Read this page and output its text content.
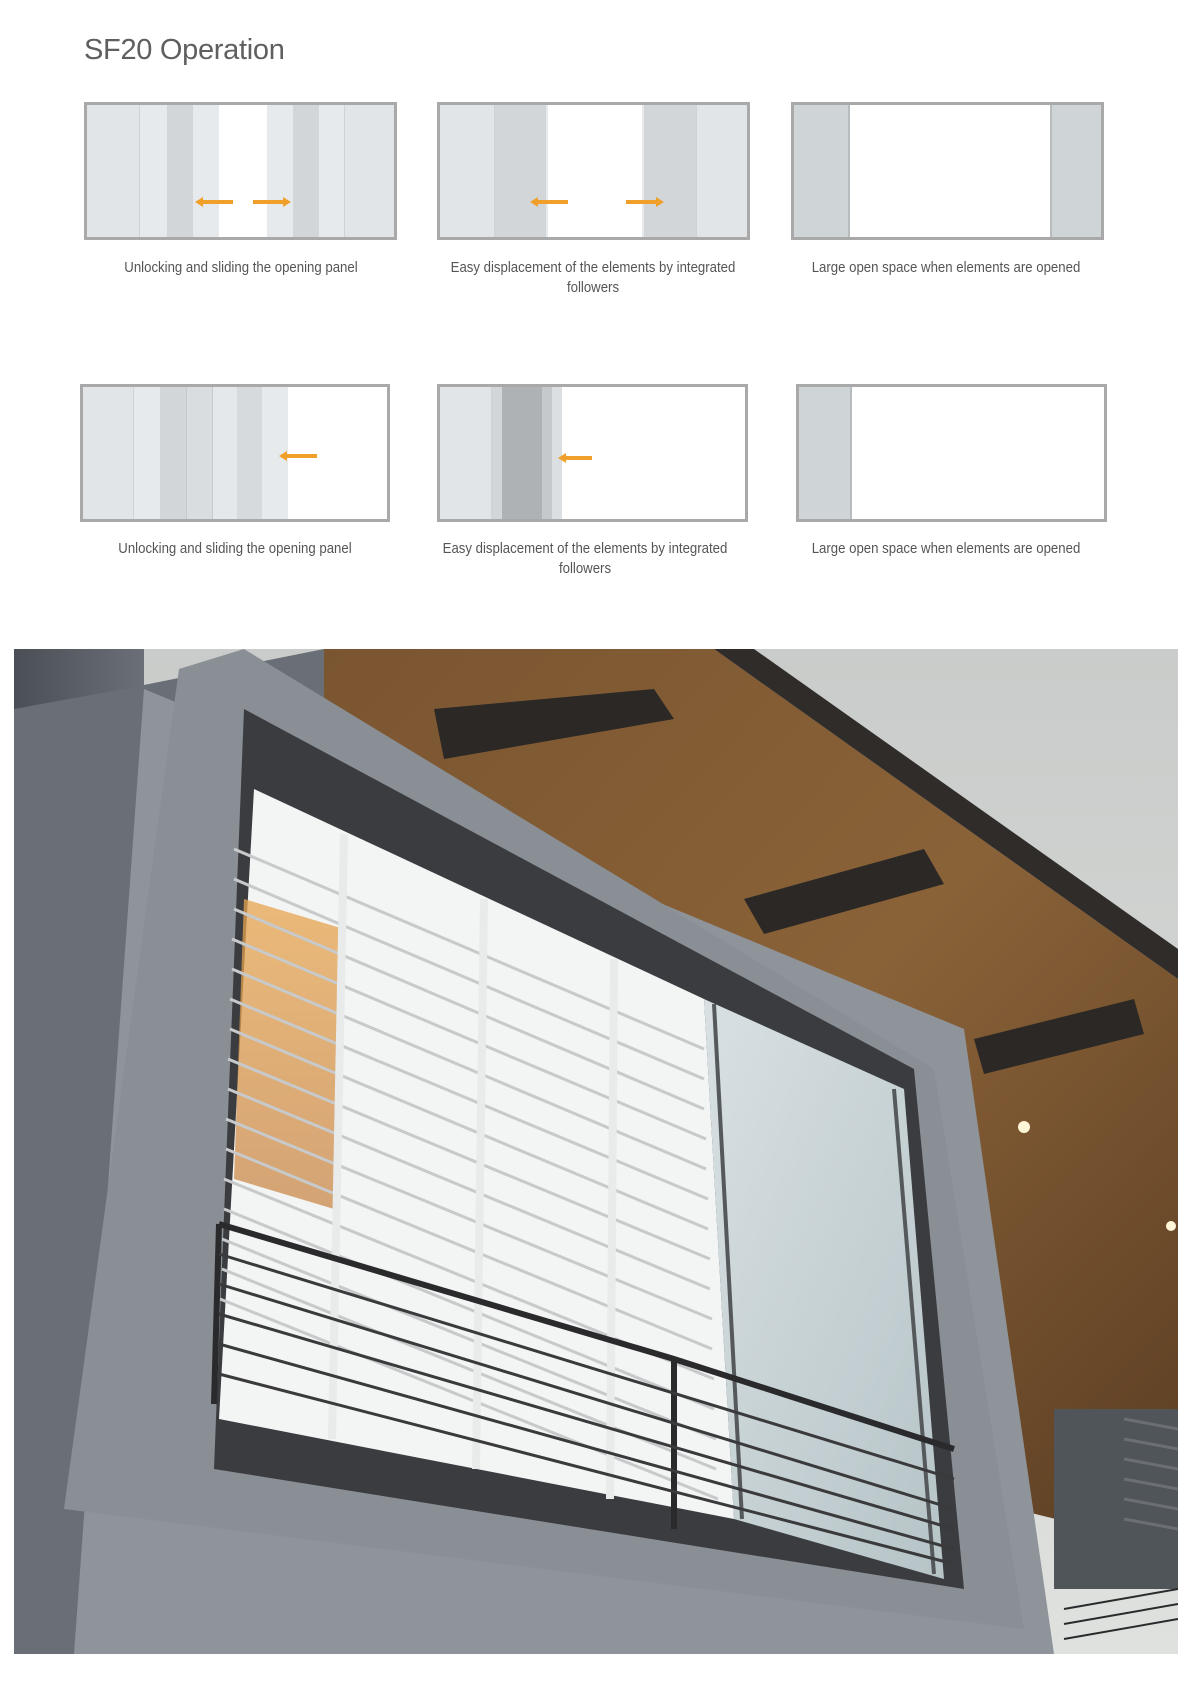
SF20 Operation
Unlocking and sliding the opening panel	Easy displacement of the elements by integrated followers
Large open space when elements are opened
Unlocking and sliding the opening panel	Easy displacement of the elements by integrated followers
Large open space when elements are opened
